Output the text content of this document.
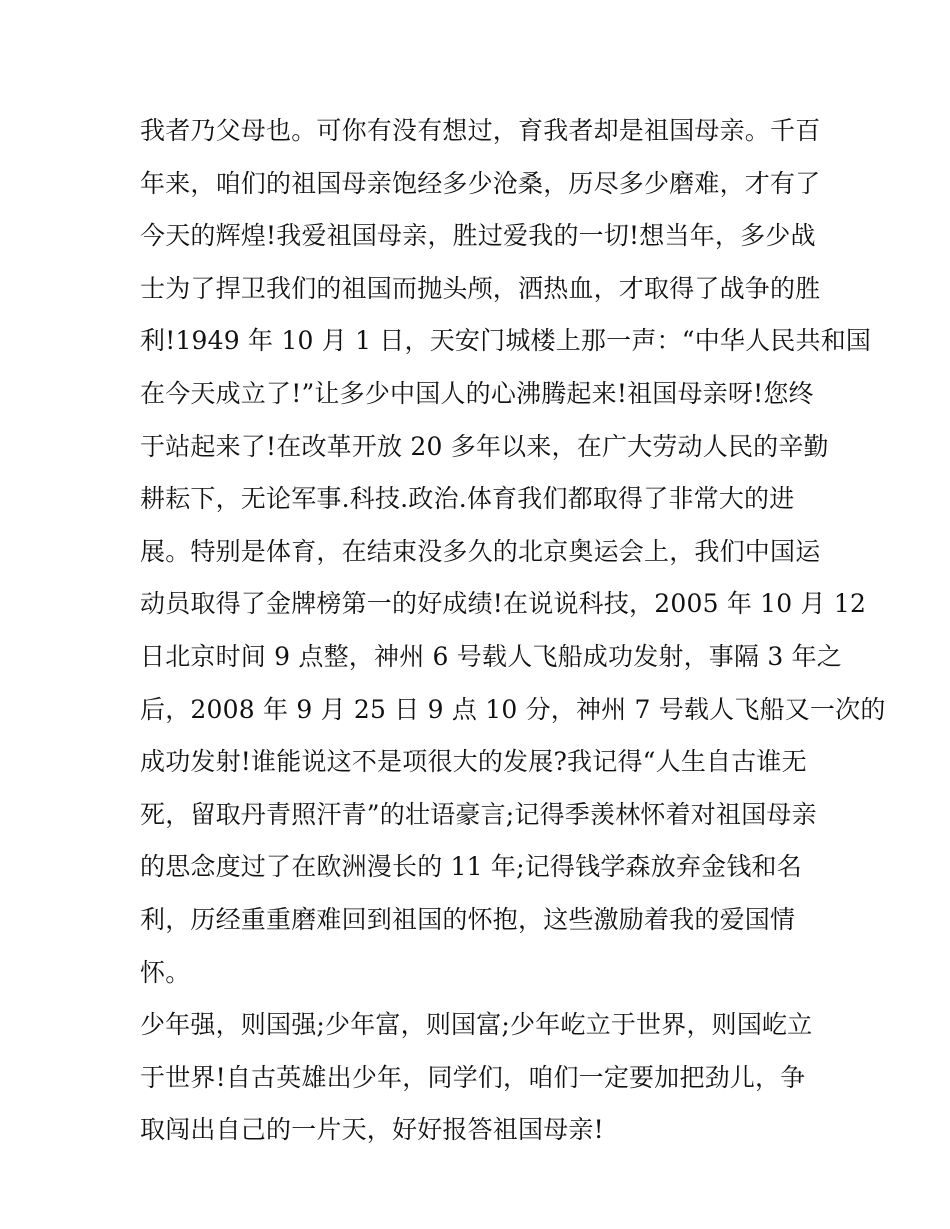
我者乃父母也。可你有没有想过，育我者却是祖国母亲。千百
年来，咱们的祖国母亲饱经多少沧桑，历尽多少磨难，才有了
今天的辉煌!我爱祖国母亲，胜过爱我的一切!想当年，多少战
士为了捍卫我们的祖国而抛头颅，洒热血，才取得了战争的胜
利!1949 年 10 月 1 日，天安门城楼上那一声：“中华人民共和国
在今天成立了!”让多少中国人的心沸腾起来!祖国母亲呀!您终
于站起来了!在改革开放 20 多年以来，在广大劳动人民的辛勤
耕耘下，无论军事.科技.政治.体育我们都取得了非常大的进
展。特别是体育，在结束没多久的北京奥运会上，我们中国运
动员取得了金牌榜第一的好成绩!在说说科技，2005 年 10 月 12
日北京时间 9 点整，神州 6 号载人飞船成功发射，事隔 3 年之
后，2008 年 9 月 25 日 9 点 10 分，神州 7 号载人飞船又一次的
成功发射!谁能说这不是项很大的发展?我记得“人生自古谁无
死，留取丹青照汗青”的壮语豪言;记得季羡林怀着对祖国母亲
的思念度过了在欧洲漫长的 11 年;记得钱学森放弃金钱和名
利，历经重重磨难回到祖国的怀抱，这些激励着我的爱国情
怀。
少年强，则国强;少年富，则国富;少年屹立于世界，则国屹立
于世界!自古英雄出少年，同学们，咱们一定要加把劲儿，争
取闯出自己的一片天，好好报答祖国母亲!
